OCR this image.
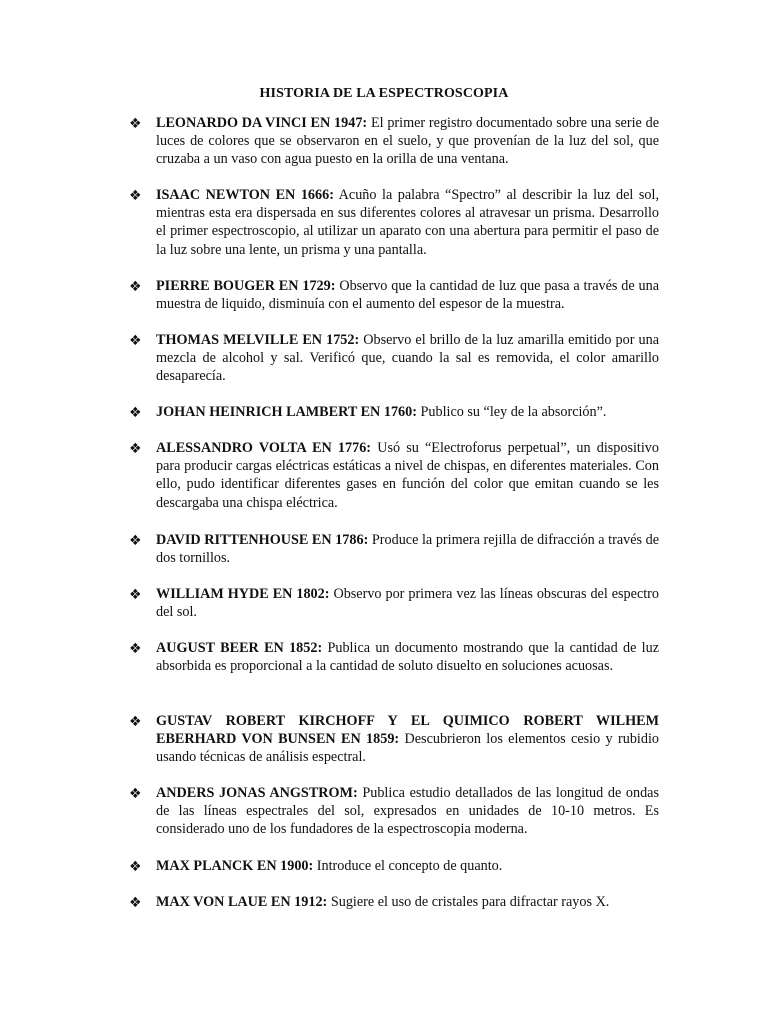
HISTORIA DE LA ESPECTROSCOPIA
❖	LEONARDO DA VINCI EN 1947: El primer registro documentado sobre una serie de luces de colores que se observaron en el suelo, y que provenían de la luz del sol, que cruzaba a un vaso con agua puesto en la orilla de una ventana.
❖	ISAAC NEWTON EN 1666: Acuño la palabra “Spectro” al describir la luz del sol, mientras esta era dispersada en sus diferentes colores al atravesar un prisma. Desarrollo el primer espectroscopio, al utilizar un aparato con una abertura para permitir el paso de la luz sobre una lente, un prisma y una pantalla.
❖	PIERRE BOUGER EN 1729: Observo que la cantidad de luz que pasa a través de una muestra de liquido, disminuía con el aumento del espesor de la muestra.
❖	THOMAS MELVILLE EN 1752: Observo el brillo de la luz amarilla emitido por una mezcla de alcohol y sal. Verificó que, cuando la sal es removida, el color amarillo desaparecía.
❖	JOHAN HEINRICH LAMBERT EN 1760: Publico su “ley de la absorción”.
❖	ALESSANDRO VOLTA EN 1776: Usó su “Electroforus perpetual”, un dispositivo para producir cargas eléctricas estáticas a nivel de chispas, en diferentes materiales. Con ello, pudo identificar diferentes gases en función del color que emitan cuando se les descargaba una chispa eléctrica.
❖	DAVID RITTENHOUSE EN 1786: Produce la primera rejilla de difracción a través de dos tornillos.
❖	WILLIAM HYDE EN 1802: Observo por primera vez las líneas obscuras del espectro del sol.
❖	AUGUST BEER EN 1852: Publica un documento mostrando que la cantidad de luz absorbida es proporcional a la cantidad de soluto disuelto en soluciones acuosas.
❖	GUSTAV ROBERT KIRCHOFF Y EL QUIMICO ROBERT WILHEM EBERHARD VON BUNSEN EN 1859: Descubrieron los elementos cesio y rubidio usando técnicas de análisis espectral.
❖	ANDERS JONAS ANGSTROM: Publica estudio detallados de las longitud de ondas de las líneas espectrales del sol, expresados en unidades de 10-10 metros. Es considerado uno de los fundadores de la espectroscopia moderna.
❖	MAX PLANCK EN 1900: Introduce el concepto de quanto.
❖	MAX VON LAUE EN 1912: Sugiere el uso de cristales para difractar rayos X.
